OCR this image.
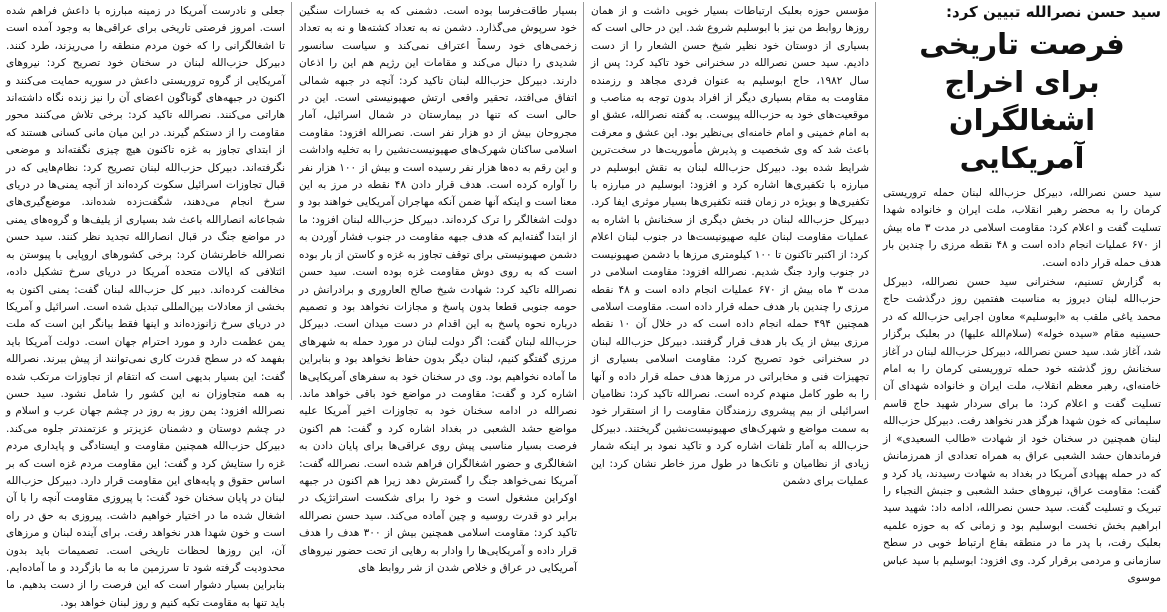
سید حسن نصرالله تبیین کرد:
فرصت تاریخی برای اخراج
اشغالگران آمریکایی

سید حسن نصرالله، دبیرکل حزب‌الله لبنان حمله تروریستی کرمان را به محضر رهبر انقلاب، ملت ایران و خانواده شهدا تسلیت گفت و اعلام کرد: مقاومت اسلامی در مدت ۳ ماه بیش از ۶۷۰ عملیات انجام داده است و ۴۸ نقطه مرزی را چندین بار هدف حمله قرار داده است.

به گزارش تسنیم، سخنرانی سید حسن نصرالله، دبیرکل حزب‌الله لبنان دیروز به مناسبت هفتمین روز درگذشت حاج محمد یاغی ملقب به «ابوسلیم» معاون اجرایی حزب‌الله که در حسینیه مقام «سیده خوله» (سلام‌الله علیها) در بعلبک برگزار شد، آغاز شد. سید حسن نصرالله، دبیرکل حزب‌الله لبنان در آغاز سخنانش روز گذشته خود حمله تروریستی کرمان را به امام خامنه‌ای، رهبر معظم انقلاب، ملت ایران و خانواده شهدای آن تسلیت گفت و اعلام کرد: ما برای سردار شهید حاج قاسم سلیمانی که خون شهدا هرگز هدر نخواهد رفت. دبیرکل حزب‌الله لبنان همچنین در سخنان خود از شهادت «طالب السعیدی» از فرماندهان حشد الشعبی عراق به همراه تعدادی از همرزمانش که در حمله پهپادی آمریکا در بغداد به شهادت رسیدند، یاد کرد و گفت: مقاومت عراق، نیروهای حشد الشعبی و جنبش النجباء را تبریک و تسلیت گفت. سید حسن نصرالله، ادامه داد: شهید سید ابراهیم بخش نخست ابوسلیم بود و زمانی که به حوزه علمیه بعلبک رفت، با پدر ما در منطقه بقاع ارتباط خوبی در سطح سازمانی و مردمی برقرار کرد. وی افزود: ابوسلیم با سید عباس موسوی

مؤسس حوزه بعلبک ارتباطات بسیار خوبی داشت و از همان روزها روابط من نیز با ابوسلیم شروع شد. این در حالی است که بسیاری از دوستان خود نظیر شیخ حسن الشعار را از دست دادیم. سید حسن نصرالله در سخنرانی خود تاکید کرد: پس از سال ۱۹۸۲، حاج ابوسلیم به عنوان فردی مجاهد و رزمنده مقاومت به مقام بسیاری دیگر از افراد بدون توجه به مناصب و موقعیت‌های خود به حزب‌الله پیوست. به گفته نصرالله، عشق او به امام خمینی و امام خامنه‌ای بی‌نظیر بود. این عشق و معرفت باعث شد که وی شخصیت و پذیرش مأموریت‌ها در سخت‌ترین شرایط شده بود. دبیرکل حزب‌الله لبنان به نقش ابوسلیم در مبارزه با تکفیری‌ها اشاره کرد و افزود: ابوسلیم در مبارزه با تکفیری‌ها و بویژه در زمان فتنه تکفیری‌ها بسیار موثری ایفا کرد. دبیرکل حزب‌الله لبنان در بخش دیگری از سخنانش با اشاره به عملیات مقاومت لبنان علیه صهیونیست‌ها در جنوب لبنان اعلام کرد: از اکتبر تاکنون تا ۱۰۰ کیلومتری مرزها با دشمن صهیونیست در جنوب وارد جنگ شدیم. نصرالله افزود: مقاومت اسلامی در مدت ۳ ماه بیش از ۶۷۰ عملیات انجام داده است و ۴۸ نقطه مرزی را چندین بار هدف حمله قرار داده است. مقاومت اسلامی همچنین ۴۹۴ حمله انجام داده است که در خلال آن ۱۰ نقطه مرزی بیش از یک بار هدف قرار گرفتند. دبیرکل حزب‌الله لبنان در سخنرانی خود تصریح کرد: مقاومت اسلامی بسیاری از تجهیزات فنی و مخابراتی در مرزها هدف حمله قرار داده و آنها را به طور کامل منهدم کرده است. نصرالله تاکید کرد: نظامیان اسرائیلی از بیم پیشروی رزمندگان مقاومت را از استقرار خود به سمت مواضع و شهرک‌های صهیونیست‌نشین گریختند. دبیرکل حزب‌الله به آمار تلفات اشاره کرد و تاکید نمود بر اینکه شمار زیادی از نظامیان و تانک‌ها در طول مرز خاطر نشان کرد: این عملیات برای دشمن

بسیار طاقت‌فرسا بوده است. دشمنی که به خسارات سنگین خود سرپوش می‌گذارد. دشمن نه به تعداد کشته‌ها و نه به تعداد زخمی‌های خود رسماً اعتراف نمی‌کند و سیاست سانسور شدیدی را دنبال می‌کند و مقامات این رژیم هم این را اذعان دارند. دبیرکل حزب‌الله لبنان تاکید کرد: آنچه در جبهه شمالی اتفاق می‌افتد، تحقیر واقعی ارتش صهیونیستی است. این در حالی است که تنها در بیمارستان در شمال اسرائیل، آمار مجروحان بیش از دو هزار نفر است. نصرالله افزود: مقاومت اسلامی ساکنان شهرک‌های صهیونیست‌نشین را به تخلیه واداشت و این رقم به ده‌ها هزار نفر رسیده است و بیش از ۱۰۰ هزار نفر را آواره کرده است. هدف قرار دادن ۴۸ نقطه در مرز به این معنا است و اینکه آنها ضمن آنکه مهاجران آمریکایی خواهند بود و دولت اشغالگر را ترک کرده‌اند. دبیرکل حزب‌الله لبنان افزود: ما از ابتدا گفته‌ایم که هدف جبهه مقاومت در جنوب فشار آوردن به دشمن صهیونیستی برای توقف تجاوز به غزه و کاستن از بار بوده است که به روی دوش مقاومت غزه بوده است. سید حسن نصرالله تاکید کرد: شهادت شیخ صالح العاروری و برادرانش در حومه جنوبی قطعا بدون پاسخ و مجازات نخواهد بود و تصمیم درباره نحوه پاسخ به این اقدام در دست میدان است. دبیرکل حزب‌الله لبنان گفت: اگر دولت لبنان در مورد حمله به شهرهای مرزی گفتگو کنیم، لبنان دیگر بدون حفاظ نخواهد بود و بنابراین ما آماده نخواهیم بود. وی در سخنان خود به سفرهای آمریکایی‌ها اشاره کرد و گفت: مقاومت در مواضع خود باقی خواهد ماند. نصرالله در ادامه سخنان خود به تجاوزات اخیر آمریکا علیه مواضع حشد الشعبی در بغداد اشاره کرد و گفت: هم اکنون فرصت بسیار مناسبی پیش روی عراقی‌ها برای پایان دادن به اشغالگری و حضور اشغالگران فراهم شده است. نصرالله گفت: آمریکا نمی‌خواهد جنگ را گسترش دهد زیرا هم اکنون در جبهه اوکراین مشغول است و خود را برای شکست استراتژیک در برابر دو قدرت روسیه و چین آماده می‌کند. سید حسن نصرالله تاکید کرد: مقاومت اسلامی همچنین بیش از ۳۰۰ هدف را هدف قرار داده و آمریکایی‌ها را وادار به رهایی از تحت حضور نیروهای آمریکایی در عراق و خلاص شدن از شر روابط های

جعلی و نادرست آمریکا در زمینه مبارزه با داعش فراهم شده است. امروز فرصتی تاریخی برای عراقی‌ها به وجود آمده است تا اشغالگرانی را که خون مردم منطقه را می‌ریزند، طرد کنند. دبیرکل حزب‌الله لبنان در سخنان خود تصریح کرد: نیروهای آمریکایی از گروه تروریستی داعش در سوریه حمایت می‌کنند و اکنون در جبهه‌های گوناگون اعضای آن را نیز زنده نگاه داشته‌اند هاراتی می‌کنند. نصرالله تاکید کرد: برخی تلاش می‌کنند محور مقاومت را از دستکم گیرند. در این میان مانی کسانی هستند که از ابتدای تجاوز به غزه تاکنون هیچ چیزی نگفته‌اند و موضعی نگرفته‌اند. دبیرکل حزب‌الله لبنان تصریح کرد: نظام‌هایی که در قبال تجاوزات اسرائیل سکوت کرده‌اند از آنچه یمنی‌ها در دریای سرخ انجام می‌دهند، شگفت‌زده شده‌اند. موضع‌گیری‌های شجاعانه انصارالله باعث شد بسیاری از یلیف‌ها و گروه‌های یمنی در مواضع جنگ در قبال انصارالله تجدید نظر کنند. سید حسن نصرالله خاطرنشان کرد: برخی کشورهای اروپایی با پیوستن به ائتلافی که ایالات متحده آمریکا در دریای سرخ تشکیل داده، مخالفت کرده‌اند. دبیر کل حزب‌الله لبنان گفت: یمنی اکنون به بخشی از معادلات بین‌المللی تبدیل شده است. اسرائیل و آمریکا در دریای سرخ زانوزده‌اند و اینها فقط بیانگر این است که ملت یمن عظمت دارد و مورد احترام جهان است. دولت آمریکا باید بفهمد که در سطح قدرت کاری نمی‌توانند از پیش ببرند. نصرالله گفت: این بسیار بدیهی است که انتقام از تجاوزات مرتکب شده به همه متجاوزان نه این کشور را شامل نشود. سید حسن نصرالله افزود: یمن روز به روز در چشم جهان عرب و اسلام و در چشم دوستان و دشمنان عزیزتر و عزتمندتر جلوه می‌کند. دبیرکل حزب‌الله همچنین مقاومت و ایستادگی و پایداری مردم غزه را ستایش کرد و گفت: این مقاومت مردم غزه است که بر اساس حقوق و پایه‌های این مقاومت قرار دارد. دبیرکل حزب‌الله لبنان در پایان سخنان خود گفت: با پیروزی مقاومت آنچه را با آن اشغال شده ما در اختیار خواهیم داشت. پیروزی به حق در راه است و خون شهدا هدر نخواهد رفت. برای آینده لبنان و مرزهای آن، این روزها لحظات تاریخی است. تصمیمات باید بدون محدودیت گرفته شود تا سرزمین ما به ما بازگردد و ما آماده‌ایم. بنابراین بسیار دشوار است که این فرصت را از دست بدهیم. ما باید تنها به مقاومت تکیه کنیم و روز لبنان خواهد بود.
